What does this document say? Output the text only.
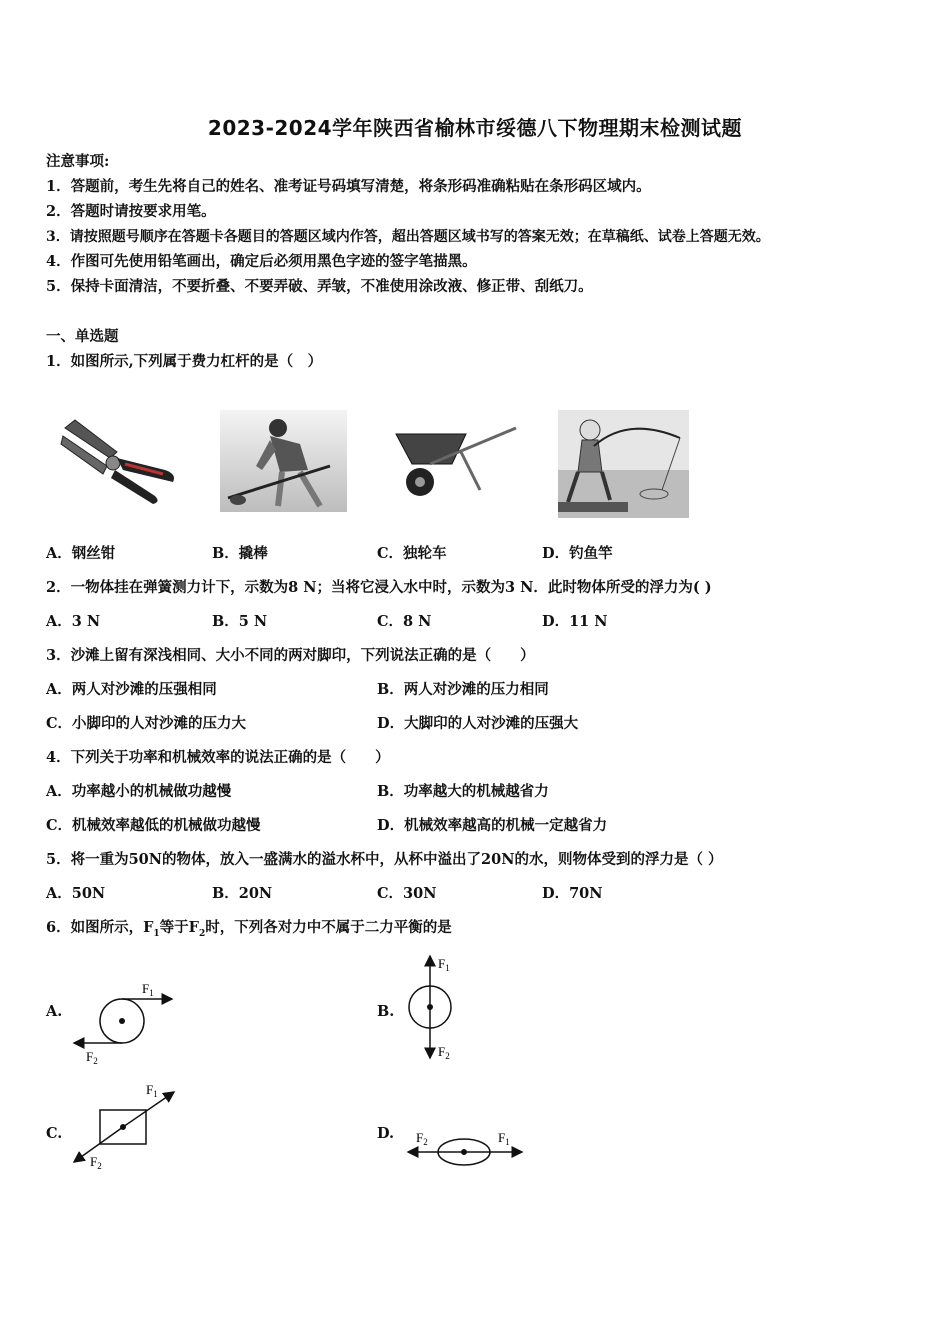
2023-2024学年陕西省榆林市绥德八下物理期末检测试题
注意事项:
1．答题前，考生先将自己的姓名、准考证号码填写清楚，将条形码准确粘贴在条形码区域内。
2．答题时请按要求用笔。
3．请按照题号顺序在答题卡各题目的答题区域内作答，超出答题区域书写的答案无效；在草稿纸、试卷上答题无效。
4．作图可先使用铅笔画出，确定后必须用黑色字迹的签字笔描黑。
5．保持卡面清洁，不要折叠、不要弄破、弄皱，不准使用涂改液、修正带、刮纸刀。
一、单选题
1．如图所示,下列属于费力杠杆的是（　）
A．钢丝钳	B．撬棒	C．独轮车	D．钓鱼竿
2．一物体挂在弹簧测力计下，示数为8 N；当将它浸入水中时，示数为3 N．此时物体所受的浮力为( )
A．3 N	B．5 N	C．8 N	D．11 N
3．沙滩上留有深浅相同、大小不同的两对脚印，下列说法正确的是（　　）
A．两人对沙滩的压强相同	B．两人对沙滩的压力相同
C．小脚印的人对沙滩的压力大	D．大脚印的人对沙滩的压强大
4．下列关于功率和机械效率的说法正确的是（　　）
A．功率越小的机械做功越慢	B．功率越大的机械越省力
C．机械效率越低的机械做功越慢	D．机械效率越高的机械一定越省力
5．将一重为50N的物体，放入一盛满水的溢水杯中，从杯中溢出了20N的水，则物体受到的浮力是（ ）
A．50N	B．20N	C．30N	D．70N
6．如图所示，$F_1$等于$F_2$时，下列各对力中不属于二力平衡的是
A.	B.
C.	D.
$F_1$
$F_2$
$F_1$
$F_2$
$F_1$
$F_2$
$F_1$
$F_2$
